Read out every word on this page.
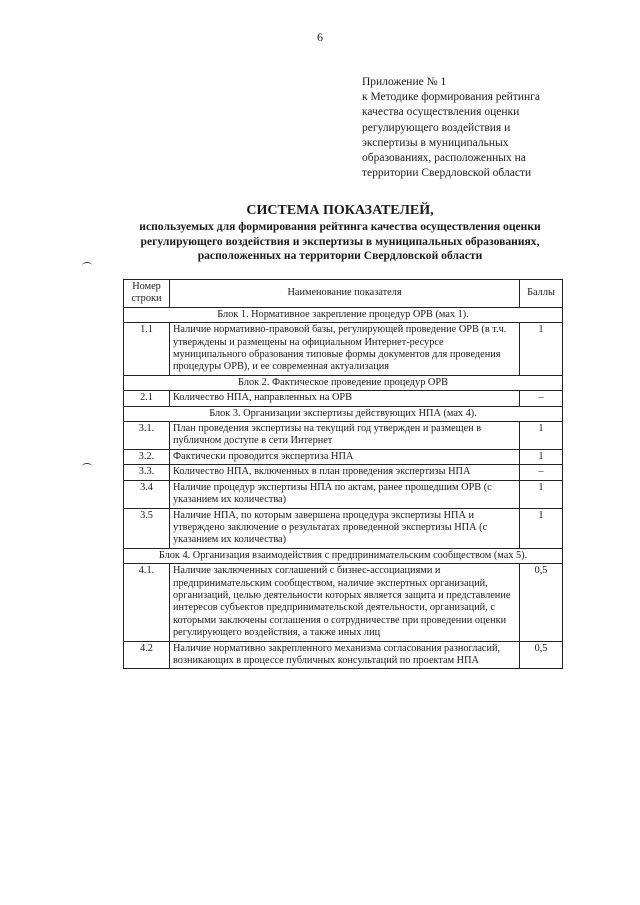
6
Приложение № 1
к Методике формирования рейтинга
качества осуществления оценки
регулирующего воздействия и
экспертизы в муниципальных
образованиях, расположенных на
территории Свердловской области
СИСТЕМА ПОКАЗАТЕЛЕЙ,
используемых для формирования рейтинга качества осуществления оценки
регулирующего воздействия и экспертизы в муниципальных образованиях,
расположенных на территории Свердловской области
Номер строки	Наименование показателя	Баллы
Блок 1. Нормативное закрепление процедур ОРВ (мах 1).		
1.1	Наличие нормативно-правовой базы, регулирующей проведение ОРВ (в т.ч. утверждены и размещены на официальном Интернет-ресурсе муниципального образования типовые формы документов для проведения процедуры ОРВ), и ее современная актуализация	1
Блок 2. Фактическое проведение процедур ОРВ		
2.1	Количество НПА, направленных на ОРВ	–
Блок 3. Организации экспертизы действующих НПА (мах 4).		
3.1.	План проведения экспертизы на текущий год утвержден и размещен в публичном доступе в сети Интернет	1
3.2.	Фактически проводится экспертиза НПА	1
3.3.	Количество НПА, включенных в план проведения экспертизы НПА	–
3.4	Наличие процедур экспертизы НПА по актам, ранее прошедшим ОРВ (с указанием их количества)	1
3.5	Наличие НПА, по которым завершена процедура экспертизы НПА и утверждено заключение о результатах проведенной экспертизы НПА (с указанием их количества)	1
Блок 4. Организация взаимодействия с предпринимательским сообществом (мах 5).		
4.1.	Наличие заключенных соглашений с бизнес-ассоциациями и предпринимательским сообществом, наличие экспертных организаций, организаций, целью деятельности которых является защита и представление интересов субъектов предпринимательской деятельности, организаций, с которыми заключены соглашения о сотрудничестве при проведении оценки регулирующего воздействия, а также иных лиц	0,5
4.2	Наличие нормативно закрепленного механизма согласования разногласий, возникающих в процессе публичных консультаций по проектам НПА	0,5
